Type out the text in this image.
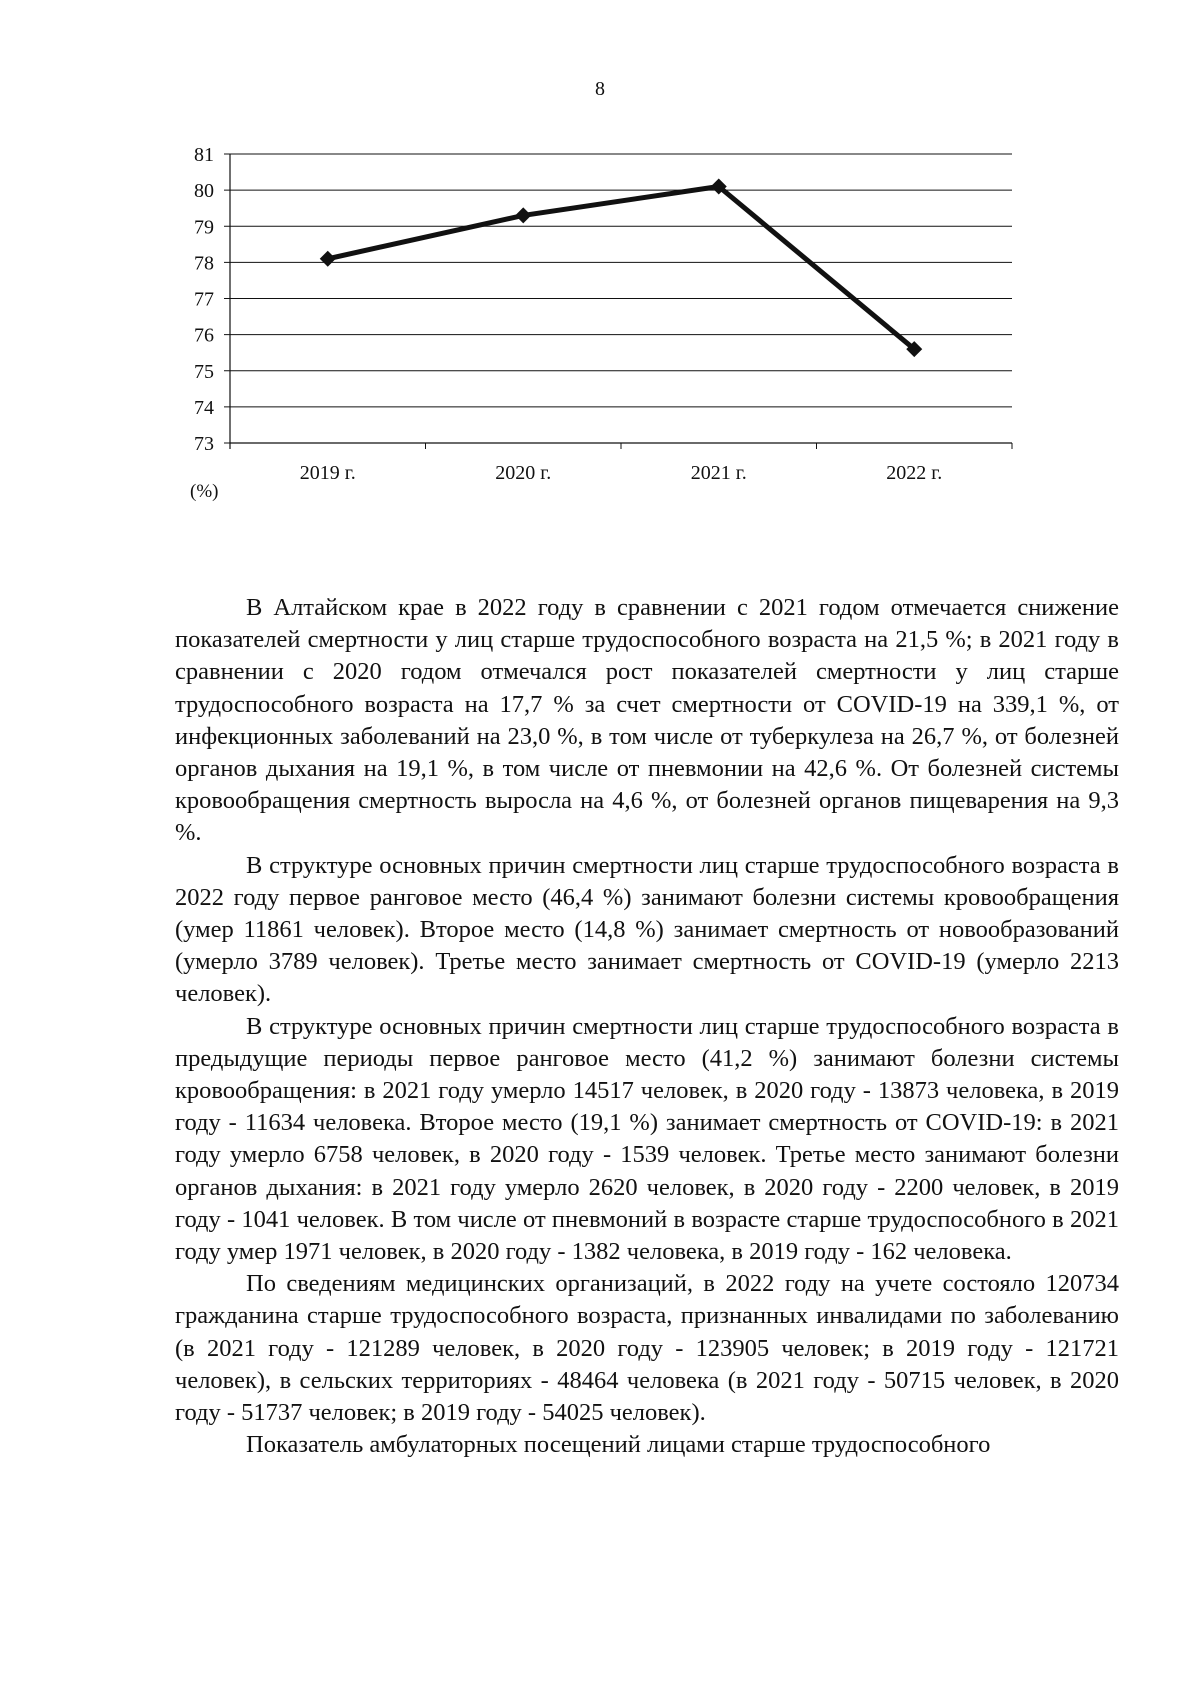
8
73
74
75
76
77
78
79
80
81
2019 г.	2020 г.	2021 г.	2022 г.
(%)

В Алтайском крае в 2022 году в сравнении с 2021 годом отмечается снижение показателей смертности у лиц старше трудоспособного возраста на 21,5 %; в 2021 году в сравнении с 2020 годом отмечался рост показателей смертности у лиц старше трудоспособного возраста на 17,7 % за счет смертности от COVID-19 на 339,1 %, от инфекционных заболеваний на 23,0 %, в том числе от туберкулеза на 26,7 %, от болезней органов дыхания на 19,1 %, в том числе от пневмонии на 42,6 %. От болезней системы кровообращения смертность выросла на 4,6 %, от болезней органов пищеварения на 9,3 %.

В структуре основных причин смертности лиц старше трудоспособного возраста в 2022 году первое ранговое место (46,4 %) занимают болезни системы кровообращения (умер 11861 человек). Второе место (14,8 %) занимает смертность от новообразований (умерло 3789 человек). Третье место занимает смертность от COVID-19 (умерло 2213 человек).

В структуре основных причин смертности лиц старше трудоспособного возраста в предыдущие периоды первое ранговое место (41,2 %) занимают болезни системы кровообращения: в 2021 году умерло 14517 человек, в 2020 году - 13873 человека, в 2019 году - 11634 человека. Второе место (19,1 %) занимает смертность от COVID-19: в 2021 году умерло 6758 человек, в 2020 году - 1539 человек. Третье место занимают болезни органов дыхания: в 2021 году умерло 2620 человек, в 2020 году - 2200 человек, в 2019 году - 1041 человек. В том числе от пневмоний в возрасте старше трудоспособного в 2021 году умер 1971 человек, в 2020 году - 1382 человека, в 2019 году - 162 человека.

По сведениям медицинских организаций, в 2022 году на учете состояло 120734 гражданина старше трудоспособного возраста, признанных инвалидами по заболеванию (в 2021 году - 121289 человек, в 2020 году - 123905 человек; в 2019 году - 121721 человек), в сельских территориях - 48464 человека (в 2021 году - 50715 человек, в 2020 году - 51737 человек; в 2019 году - 54025 человек).

Показатель амбулаторных посещений лицами старше трудоспособного
